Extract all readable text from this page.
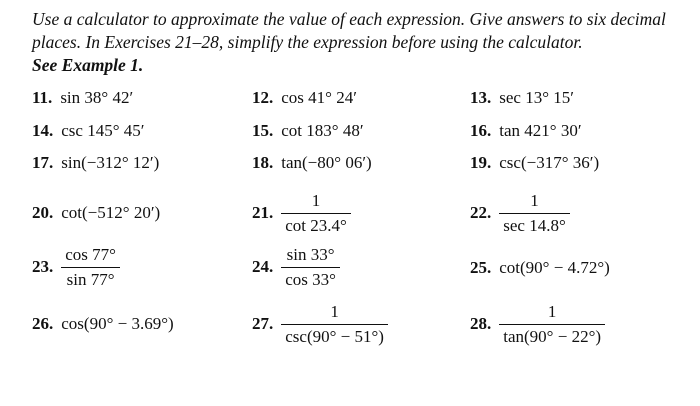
Use a calculator to approximate the value of each expression. Give answers to six decimal places. In Exercises 21–28, simplify the expression before using the calculator.
See Example 1.
11. sin 38° 42′	12. cos 41° 24′	13. sec 13° 15′
14. csc 145° 45′	15. cot 183° 48′	16. tan 421° 30′
17. sin(−312° 12′)	18. tan(−80° 06′)	19. csc(−317° 36′)
20. cot(−512° 20′)	21. $\frac{1}{\cot 23.4^\circ}$	22. $\frac{1}{\sec 14.8^\circ}$
23. $\frac{\cos 77^\circ}{\sin 77^\circ}$	24. $\frac{\sin 33^\circ}{\cos 33^\circ}$	25. cot(90° − 4.72°)
26. cos(90° − 3.69°)	27. $\frac{1}{\csc(90^\circ - 51^\circ)}$	28. $\frac{1}{\tan(90^\circ - 22^\circ)}$
